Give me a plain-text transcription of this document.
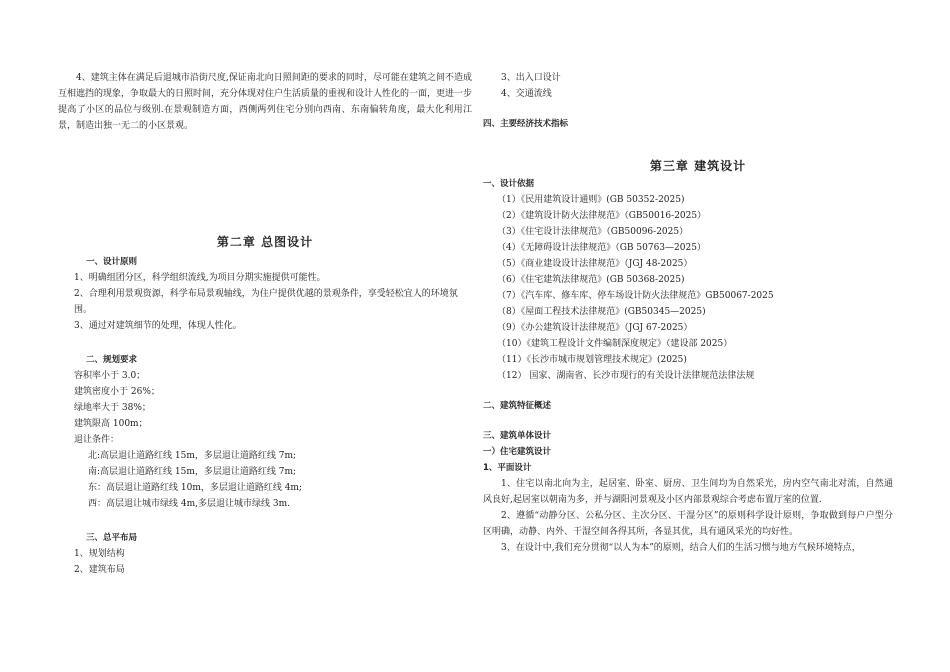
4、建筑主体在满足后退城市沿街尺度,保证南北向日照间距的要求的同时，尽可能在建筑之间不造成互相遮挡的现象，争取最大的日照时间，充分体现对住户生活质量的重视和设计人性化的一面，更进一步提高了小区的品位与级别.在景观制造方面，西侧两列住宅分别向西南、东南偏转角度，最大化利用江景，制造出独一无二的小区景观。

第二章 总图设计

一、设计原则

1、明确组团分区，科学组织流线,为项目分期实施提供可能性。

2、合理利用景观资源，科学布局景观轴线，为住户提供优越的景观条件，享受轻松宜人的环境氛围。

3、通过对建筑细节的处理，体现人性化。

二、规划要求

容积率小于 3.0；

建筑密度小于 26%；

绿地率大于 38%；

建筑限高 100m；

退让条件：

北:高层退让道路红线 15m，多层退让道路红线 7m;

南:高层退让道路红线 15m，多层退让道路红线 7m;

东：高层退让道路红线 10m，多层退让道路红线 4m;

西：高层退让城市绿线 4m,多层退让城市绿线 3m.

三、总平布局

1、规划结构

2、建筑布局

3、出入口设计

4、交通流线

四、主要经济技术指标

第三章 建筑设计

一、设计依据

（1）《民用建筑设计通则》(GB 50352-2025)

（2）《建筑设计防火法律规范》（GB50016-2025）

（3）《住宅设计法律规范》（GB50096-2025）

（4）《无障碍设计法律规范》（GB 50763—2025）

（5）《商业建设设计法律规范》（JGJ 48-2025）

（6）《住宅建筑法律规范》(GB 50368-2025)

（7）《汽车库、修车库、停车场设计防火法律规范》GB50067-2025

（8）《屋面工程技术法律规范》(GB50345—2025)

（9）《办公建筑设计法律规范》（JGJ 67-2025）

（10）《建筑工程设计文件编制深度规定》（建设部 2025）

（11）《长沙市城市规划管理技术规定》(2025)

（12） 国家、湖南省、长沙市现行的有关设计法律规范法律法规

二、建筑特征概述

三、建筑单体设计

一）住宅建筑设计

1、平面设计

1、住宅以南北向为主，起居室、卧室、厨房、卫生间均为自然采光，房内空气南北对流，自然通风良好,起居室以朝南为多，并与湖阳河景观及小区内部景观综合考虑布置厅室的位置.

2、遵循“动静分区、公私分区、主次分区、干湿分区”的原则科学设计原则，争取做到每户户型分区明确，动静、内外、干湿空间各得其所，各显其优，具有通风采光的均好性。

3、在设计中,我们充分贯彻“以人为本”的原则，结合人们的生活习惯与地方气候环境特点，
